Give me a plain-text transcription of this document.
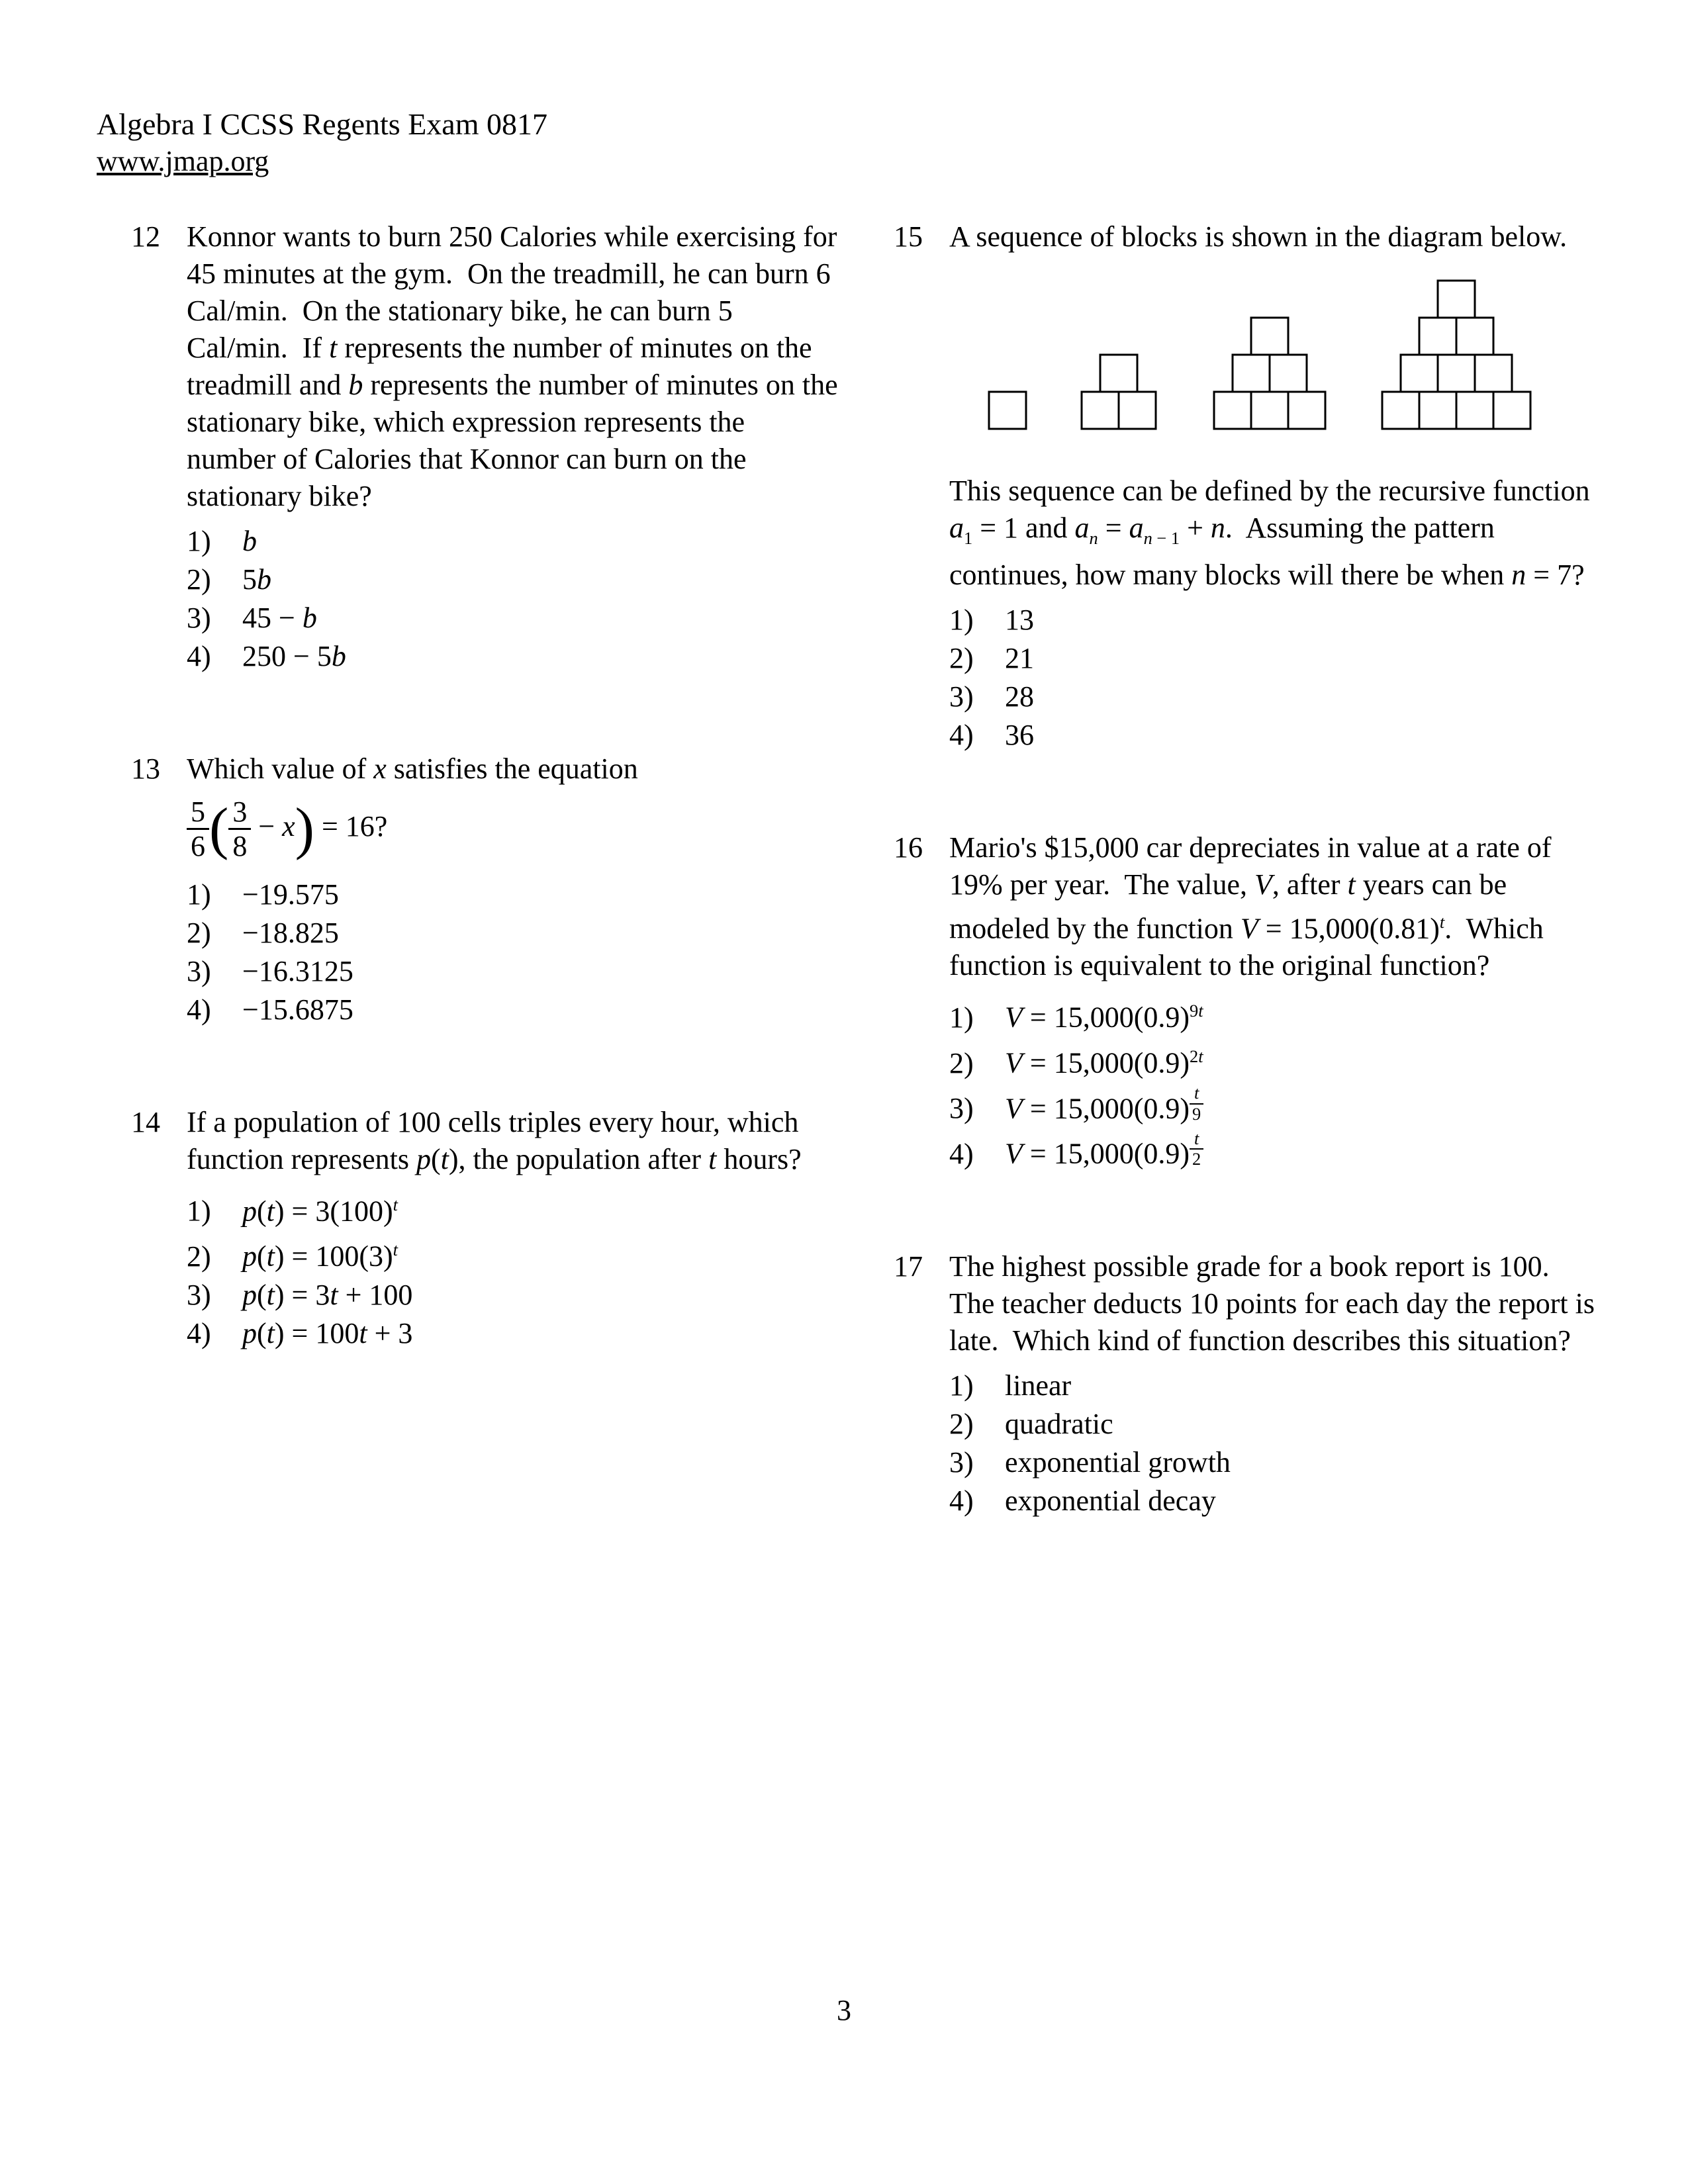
Algebra I CCSS Regents Exam 0817
www.jmap.org
12 Konnor wants to burn 250 Calories while exercising for 45 minutes at the gym.  On the treadmill, he can burn 6 Cal/min.  On the stationary bike, he can burn 5 Cal/min.  If t represents the number of minutes on the treadmill and b represents the number of minutes on the stationary bike, which expression represents the number of Calories that Konnor can burn on the stationary bike?
1)	b
2)	5b
3)	45 − b
4)	250 − 5b
13 Which value of x satisfies the equation
$\frac{5}{6}$ ( $\frac{3}{8} - x) = 16$?
1)	−19.575
2)	−18.825
3)	−16.3125
4)	−15.6875
14 If a population of 100 cells triples every hour, which function represents p(t), the population after t hours?
1)	$p(t) = 3(100)^t$
2)	$p(t) = 100(3)^t$
3)	p(t) = 3t + 100
4)	p(t) = 100t + 3
15 A sequence of blocks is shown in the diagram below.
This sequence can be defined by the recursive function $a_1 = 1$ and $a_n = a_{n - 1} + n$.  Assuming the pattern continues, how many blocks will there be when n = 7?
1)	13
2)	21
3)	28
4)	36
16 Mario's $15,000 car depreciates in value at a rate of 19% per year.  The value, V, after t years can be modeled by the function $V = 15,000(0.81)^t$.  Which function is equivalent to the original function?
1)	$V = 15,000(0.9)^{9t}$
2)	$V = 15,000(0.9)^{2t}$
3)	V = 15,000(0.9) $^{\frac{t}{9}}$
4)	V = 15,000(0.9) $^{\frac{t}{2}}$
17 The highest possible grade for a book report is 100.  The teacher deducts 10 points for each day the report is late.  Which kind of function describes this situation?
1)	linear
2)	quadratic
3)	exponential growth
4)	exponential decay
3
